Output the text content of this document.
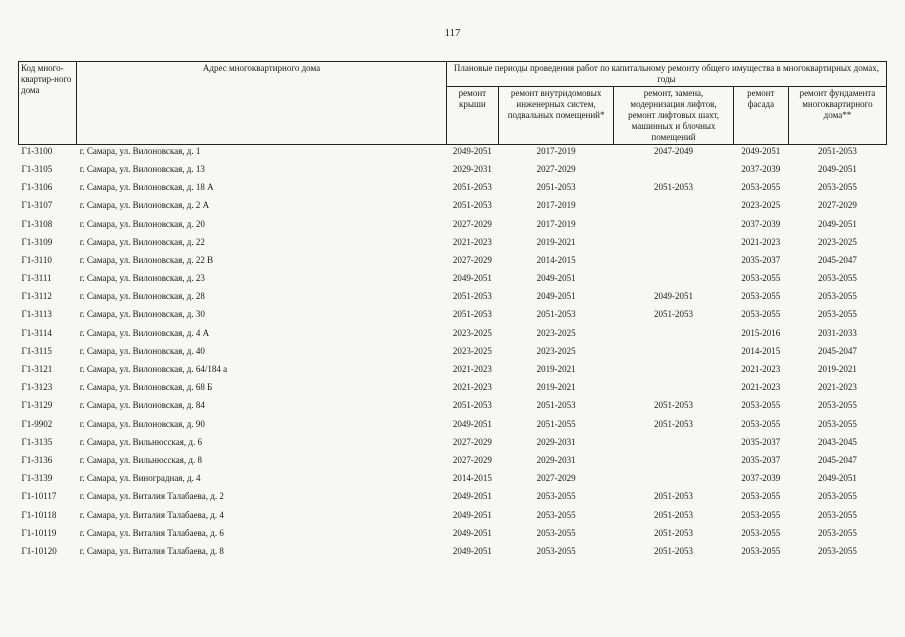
117
Код много-квартир-ного дома	Адрес многоквартирного дома	Плановые периоды проведения работ по капитальному ремонту общего имущества в многоквартирных домах, годы				
		ремонт крыши	ремонт внутридомовых инженерных систем, подвальных помещений*	ремонт, замена, модернизация лифтов, ремонт лифтовых шахт, машинных и блочных помещений	ремонт фасада	ремонт фундамента многоквартирного дома**
Г1-3100	г. Самара, ул. Вилоновская, д. 1	2049-2051	2017-2019	2047-2049	2049-2051	2051-2053
Г1-3105	г. Самара, ул. Вилоновская, д. 13	2029-2031	2027-2029		2037-2039	2049-2051
Г1-3106	г. Самара, ул. Вилоновская, д. 18 А	2051-2053	2051-2053	2051-2053	2053-2055	2053-2055
Г1-3107	г. Самара, ул. Вилоновская, д. 2 А	2051-2053	2017-2019		2023-2025	2027-2029
Г1-3108	г. Самара, ул. Вилоновская, д. 20	2027-2029	2017-2019		2037-2039	2049-2051
Г1-3109	г. Самара, ул. Вилоновская, д. 22	2021-2023	2019-2021		2021-2023	2023-2025
Г1-3110	г. Самара, ул. Вилоновская, д. 22 В	2027-2029	2014-2015		2035-2037	2045-2047
Г1-3111	г. Самара, ул. Вилоновская, д. 23	2049-2051	2049-2051		2053-2055	2053-2055
Г1-3112	г. Самара, ул. Вилоновская, д. 28	2051-2053	2049-2051	2049-2051	2053-2055	2053-2055
Г1-3113	г. Самара, ул. Вилоновская, д. 30	2051-2053	2051-2053	2051-2053	2053-2055	2053-2055
Г1-3114	г. Самара, ул. Вилоновская, д. 4 А	2023-2025	2023-2025		2015-2016	2031-2033
Г1-3115	г. Самара, ул. Вилоновская, д. 40	2023-2025	2023-2025		2014-2015	2045-2047
Г1-3121	г. Самара, ул. Вилоновская, д. 64/184 а	2021-2023	2019-2021		2021-2023	2019-2021
Г1-3123	г. Самара, ул. Вилоновская, д. 68 Б	2021-2023	2019-2021		2021-2023	2021-2023
Г1-3129	г. Самара, ул. Вилоновская, д. 84	2051-2053	2051-2053	2051-2053	2053-2055	2053-2055
Г1-9902	г. Самара, ул. Вилоновская, д. 90	2049-2051	2051-2055	2051-2053	2053-2055	2053-2055
Г1-3135	г. Самара, ул. Вильнюсская, д. 6	2027-2029	2029-2031		2035-2037	2043-2045
Г1-3136	г. Самара, ул. Вильнюсская, д. 8	2027-2029	2029-2031		2035-2037	2045-2047
Г1-3139	г. Самара, ул. Виноградная, д. 4	2014-2015	2027-2029		2037-2039	2049-2051
Г1-10117	г. Самара, ул. Виталия Талабаева, д. 2	2049-2051	2053-2055	2051-2053	2053-2055	2053-2055
Г1-10118	г. Самара, ул. Виталия Талабаева, д. 4	2049-2051	2053-2055	2051-2053	2053-2055	2053-2055
Г1-10119	г. Самара, ул. Виталия Талабаева, д. 6	2049-2051	2053-2055	2051-2053	2053-2055	2053-2055
Г1-10120	г. Самара, ул. Виталия Талабаева, д. 8	2049-2051	2053-2055	2051-2053	2053-2055	2053-2055
